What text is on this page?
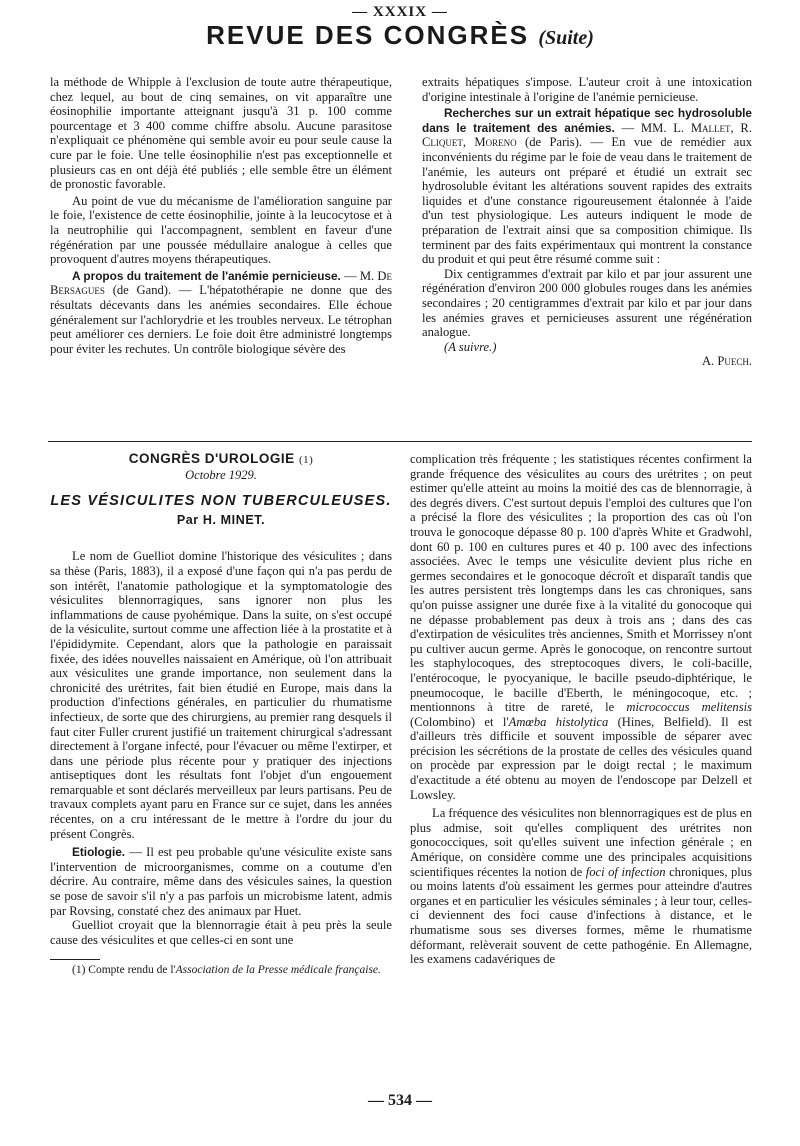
— XXXIX —
REVUE DES CONGRÈS (Suite)

la méthode de Whipple à l'exclusion de toute autre thérapeutique, chez lequel, au bout de cinq semaines, on vit apparaître une éosinophilie importante atteignant jusqu'à 31 p. 100 comme pourcentage et 3 400 comme chiffre absolu. Aucune parasitose n'expliquait ce phénomène qui semble avoir eu pour seule cause la cure par le foie. Une telle éosinophilie n'est pas exceptionnelle et plusieurs cas en ont déjà été publiés ; elle semble être un élément de pronostic favorable.

Au point de vue du mécanisme de l'amélioration sanguine par le foie, l'existence de cette éosinophilie, jointe à la leucocytose et à la neutrophilie qui l'accompagnent, semblent en faveur d'une régénération par une poussée médullaire analogue à celles que provoquent d'autres moyens thérapeutiques.

A propos du traitement de l'anémie pernicieuse. — M. De Bersagues (de Gand). — L'hépatothérapie ne donne que des résultats décevants dans les anémies secondaires. Elle échoue généralement sur l'achlorydrie et les troubles nerveux. Le tétrophan peut améliorer ces derniers. Le foie doit être administré longtemps pour éviter les rechutes. Un contrôle biologique sévère des

extraits hépatiques s'impose. L'auteur croit à une intoxication d'origine intestinale à l'origine de l'anémie pernicieuse.

Recherches sur un extrait hépatique sec hydrosoluble dans le traitement des anémies. — MM. L. Mallet, R. Cliquet, Moreno (de Paris). — En vue de remédier aux inconvénients du régime par le foie de veau dans le traitement de l'anémie, les auteurs ont préparé et étudié un extrait sec hydrosoluble évitant les altérations souvent rapides des extraits liquides et d'une constance rigoureusement étalonnée à l'aide d'un test physiologique. Les auteurs indiquent le mode de préparation de l'extrait ainsi que sa composition chimique. Ils terminent par des faits expérimentaux qui montrent la constance du produit et qui peut être résumé comme suit :

Dix centigrammes d'extrait par kilo et par jour assurent une régénération d'environ 200 000 globules rouges dans les anémies secondaires ; 20 centigrammes d'extrait par kilo et par jour dans les anémies graves et pernicieuses assurent une régénération analogue.

(A suivre.)

A. Puech.

CONGRÈS D'UROLOGIE (1)
Octobre 1929.
LES VÉSICULITES NON TUBERCULEUSES.
Par H. MINET.

Le nom de Guelliot domine l'historique des vésiculites ; dans sa thèse (Paris, 1883), il a exposé d'une façon qui n'a pas perdu de son intérêt, l'anatomie pathologique et la symptomatologie des vésiculites blennorragiques, sans ignorer non plus les inflammations de cause pyohémique. Dans la suite, on s'est occupé de la vésiculite, surtout comme une affection liée à la prostatite et à l'épididymite. Cependant, alors que la pathologie en paraissait fixée, des idées nouvelles naissaient en Amérique, où l'on attribuait aux vésiculites une grande importance, non seulement dans la chronicité des urétrites, fait bien étudié en Europe, mais dans la production d'infections générales, en particulier du rhumatisme infectieux, de sorte que des chirurgiens, au premier rang desquels il faut citer Fuller crurent justifié un traitement chirurgical s'adressant directement à l'organe infecté, pour l'évacuer ou même l'extirper, et dans une période plus récente pour y pratiquer des injections antiseptiques dont les résultats font l'objet d'un engouement remarquable et sont déclarés merveilleux par leurs partisans. Peu de travaux complets ayant paru en France sur ce sujet, dans les années récentes, on a cru intéressant de le mettre à l'ordre du jour du présent Congrès.

Etiologie. — Il est peu probable qu'une vésiculite existe sans l'intervention de microorganismes, comme on a coutume d'en décrire. Au contraire, même dans des vésicules saines, la question se pose de savoir s'il n'y a pas parfois un microbisme latent, admis par Rovsing, constaté chez des animaux par Huet.

Guelliot croyait que la blennorragie était à peu près la seule cause des vésiculites et que celles-ci en sont une

(1) Compte rendu de l'Association de la Presse médicale française.

complication très fréquente ; les statistiques récentes confirment la grande fréquence des vésiculites au cours des urétrites ; on peut estimer qu'elle atteint au moins la moitié des cas de blennorragie, à des degrés divers. C'est surtout depuis l'emploi des cultures que l'on a précisé la flore des vésiculites ; la proportion des cas où l'on trouva le gonocoque dépasse 80 p. 100 d'après White et Gradwohl, dont 60 p. 100 en cultures pures et 40 p. 100 avec des infections associées. Avec le temps une vésiculite devient plus riche en germes secondaires et le gonocoque décroît et disparaît tandis que les autres persistent très longtemps dans les cas chroniques, sans qu'on puisse assigner une durée fixe à la vitalité du gonocoque qui ne dépasse probablement pas deux à trois ans ; dans des cas d'extirpation de vésiculites très anciennes, Smith et Morrissey n'ont pu cultiver aucun germe. Après le gonocoque, on rencontre surtout les staphylocoques, des streptocoques divers, le coli-bacille, l'entérocoque, le pyocyanique, le bacille pseudo-diphtérique, le pneumocoque, le bacille d'Eberth, le méningocoque, etc. ; mentionnons à titre de rareté, le micrococcus melitensis (Colombino) et l'Amœba histolytica (Hines, Belfield). Il est d'ailleurs très difficile et souvent impossible de séparer avec précision les sécrétions de la prostate de celles des vésicules quand on procède par expression par le doigt rectal ; le maximum d'exactitude a été obtenu au moyen de l'endoscope par Delzell et Lowsley.

La fréquence des vésiculites non blennorragiques est de plus en plus admise, soit qu'elles compliquent des urétrites non gonococciques, soit qu'elles suivent une infection générale ; en Amérique, on considère comme une des principales acquisitions scientifiques récentes la notion de foci of infection chroniques, plus ou moins latents d'où essaiment les germes pour atteindre d'autres organes et en particulier les vésicules séminales ; à leur tour, celles-ci deviennent des foci cause d'infections à distance, et le rhumatisme sous ses diverses formes, même le rhumatisme déformant, relèverait souvent de cette pathogénie. En Allemagne, les examens cadavériques de

— 534 —
